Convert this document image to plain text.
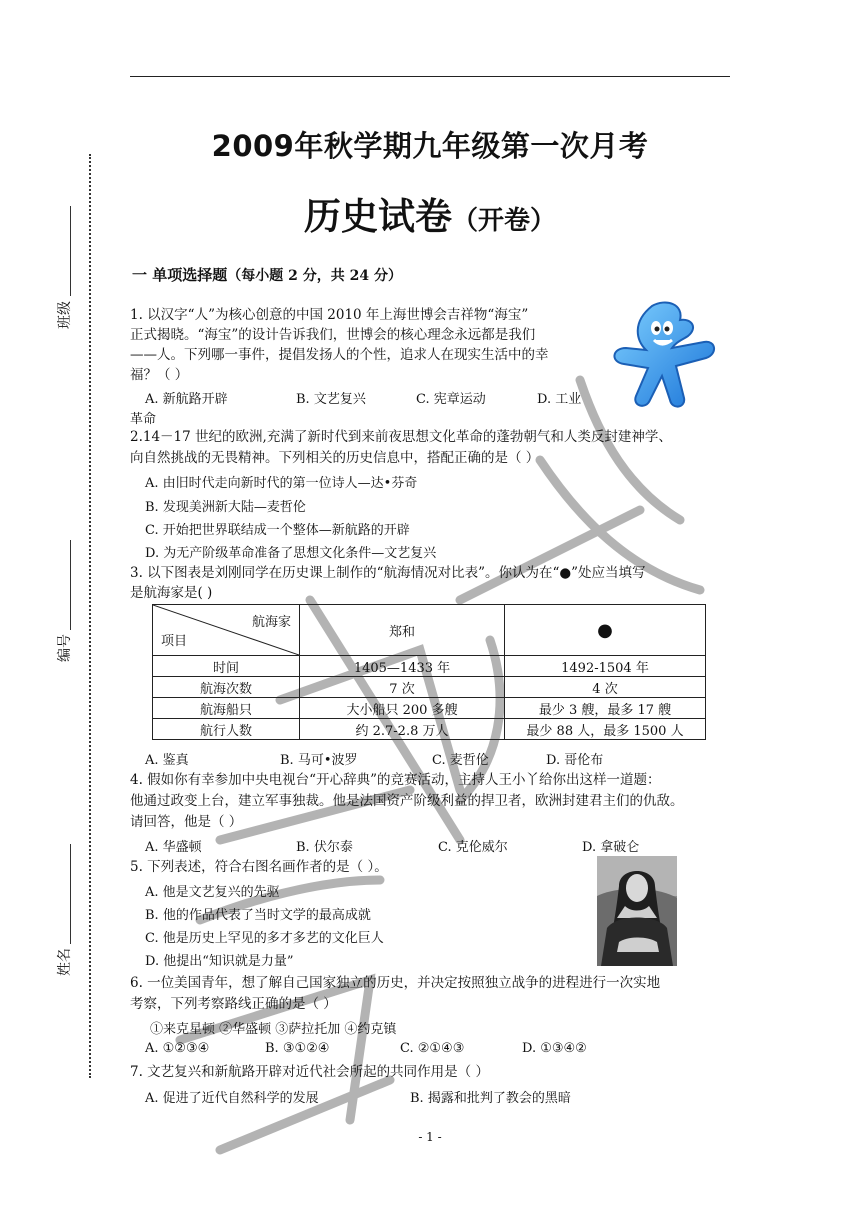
2009年秋学期九年级第一次月考
历史试卷（开卷）
班级
编号
姓名
一 单项选择题（每小题 2 分，共 24 分）
1. 以汉字“人”为核心创意的中国 2010 年上海世博会吉祥物“海宝”
正式揭晓。“海宝”的设计告诉我们，世博会的核心理念永远都是我们
——人。下列哪一事件，提倡发扬人的个性，追求人在现实生活中的幸
福？（ ）
A. 新航路开辟	B. 文艺复兴	C. 宪章运动	D. 工业
革命
2.14－17 世纪的欧洲,充满了新时代到来前夜思想文化革命的蓬勃朝气和人类反封建神学、
向自然挑战的无畏精神。下列相关的历史信息中，搭配正确的是（ ）
A. 由旧时代走向新时代的第一位诗人—达•芬奇
B. 发现美洲新大陆—麦哲伦
C. 开始把世界联结成一个整体—新航路的开辟
D. 为无产阶级革命准备了思想文化条件—文艺复兴
3. 以下图表是刘刚同学在历史课上制作的“航海情况对比表”。你认为在“●”处应当填写
是航海家是( )
航海家
项目	郑和	●
时间	1405—1433 年	1492-1504 年
航海次数	7 次	4 次
航海船只	大小船只 200 多艘	最少 3 艘，最多 17 艘
航行人数	约 2.7-2.8 万人	最少 88 人，最多 1500 人
A. 鉴真	B. 马可•波罗	C. 麦哲伦	D. 哥伦布
4. 假如你有幸参加中央电视台“开心辞典”的竞赛活动，主持人王小丫给你出这样一道题：
他通过政变上台，建立军事独裁。他是法国资产阶级利益的捍卫者，欧洲封建君主们的仇敌。
请回答，他是（ ）
A. 华盛顿	B. 伏尔泰	C. 克伦威尔	D. 拿破仑
5. 下列表述，符合右图名画作者的是（ ）。
A. 他是文艺复兴的先驱
B. 他的作品代表了当时文学的最高成就
C. 他是历史上罕见的多才多艺的文化巨人
D. 他提出“知识就是力量”
6. 一位美国青年，想了解自己国家独立的历史，并决定按照独立战争的进程进行一次实地
考察，下列考察路线正确的是（ ）
①来克星顿 ②华盛顿 ③萨拉托加 ④约克镇
A. ①②③④	B. ③①②④	C. ②①④③	D. ①③④②
7. 文艺复兴和新航路开辟对近代社会所起的共同作用是（ ）
A. 促进了近代自然科学的发展	B. 揭露和批判了教会的黑暗
- 1 -
